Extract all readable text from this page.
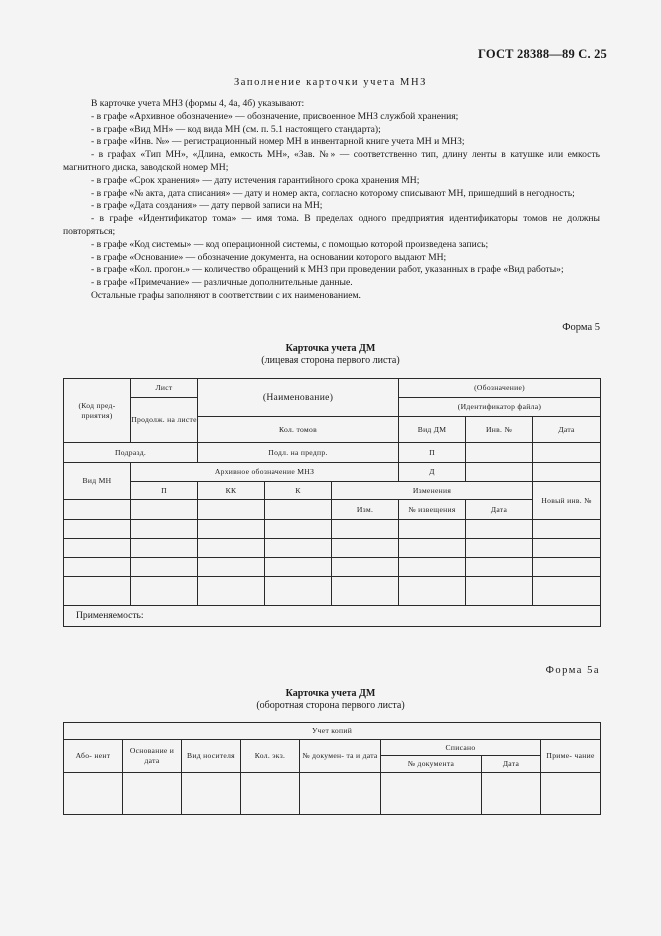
ГОСТ 28388—89 С. 25
Заполнение карточки учета МНЗ

В карточке учета МНЗ (формы 4, 4а, 4б) указывают:

- в графе «Архивное обозначение» — обозначение, присвоенное МНЗ службой хранения;

- в графе «Вид МН» — код вида МН (см. п. 5.1 настоящего стандарта);

- в графе «Инв. №» — регистрационный номер МН в инвентарной книге учета МН и МНЗ;

- в графах «Тип МН», «Длина, емкость МН», «Зав. №» — соответственно тип, длину ленты в катушке или емкость магнитного диска, заводской номер МН;

- в графе «Срок хранения» — дату истечения гарантийного срока хранения МН;

- в графе «№ акта, дата списания» — дату и номер акта, согласно которому списывают МН, пришедший в негодность;

- в графе «Дата создания» — дату первой записи на МН;

- в графе «Идентификатор тома» — имя тома. В пределах одного предприятия идентификаторы томов не должны повторяться;

- в графе «Код системы» — код операционной системы, с помощью которой произведена запись;

- в графе «Основание» — обозначение документа, на основании которого выдают МН;

- в графе «Кол. прогон.» — количество обращений к МНЗ при проведении работ, указанных в графе «Вид работы»;

- в графе «Примечание» — различные дополнительные данные.

Остальные графы заполняют в соответствии с их наименованием.

Форма 5
Карточка учета ДМ
(лицевая сторона первого листа)
(Код пред- приятия)	Лист	(Наименование)			(Обозначение)		
	Продолж. на листе				(Идентификатор файла)		
		Кол. томов			Вид ДМ	Инв. №	Дата
Подразд.		Подл. на предпр.			П		
Вид МН	Архивное обозначение МНЗ				Д		
	П	КК	К	Изменения			Новый инв. №
				Изм.	№ извещения	Дата	

Применяемость:							
Форма 5а
Карточка учета ДМ
(оборотная сторона первого листа)
Учет копий							
Або- нент	Основание и дата	Вид носителя	Кол. экз.	№ докумен- та и дата	Списано		Приме- чание
					№ документа	Дата	
